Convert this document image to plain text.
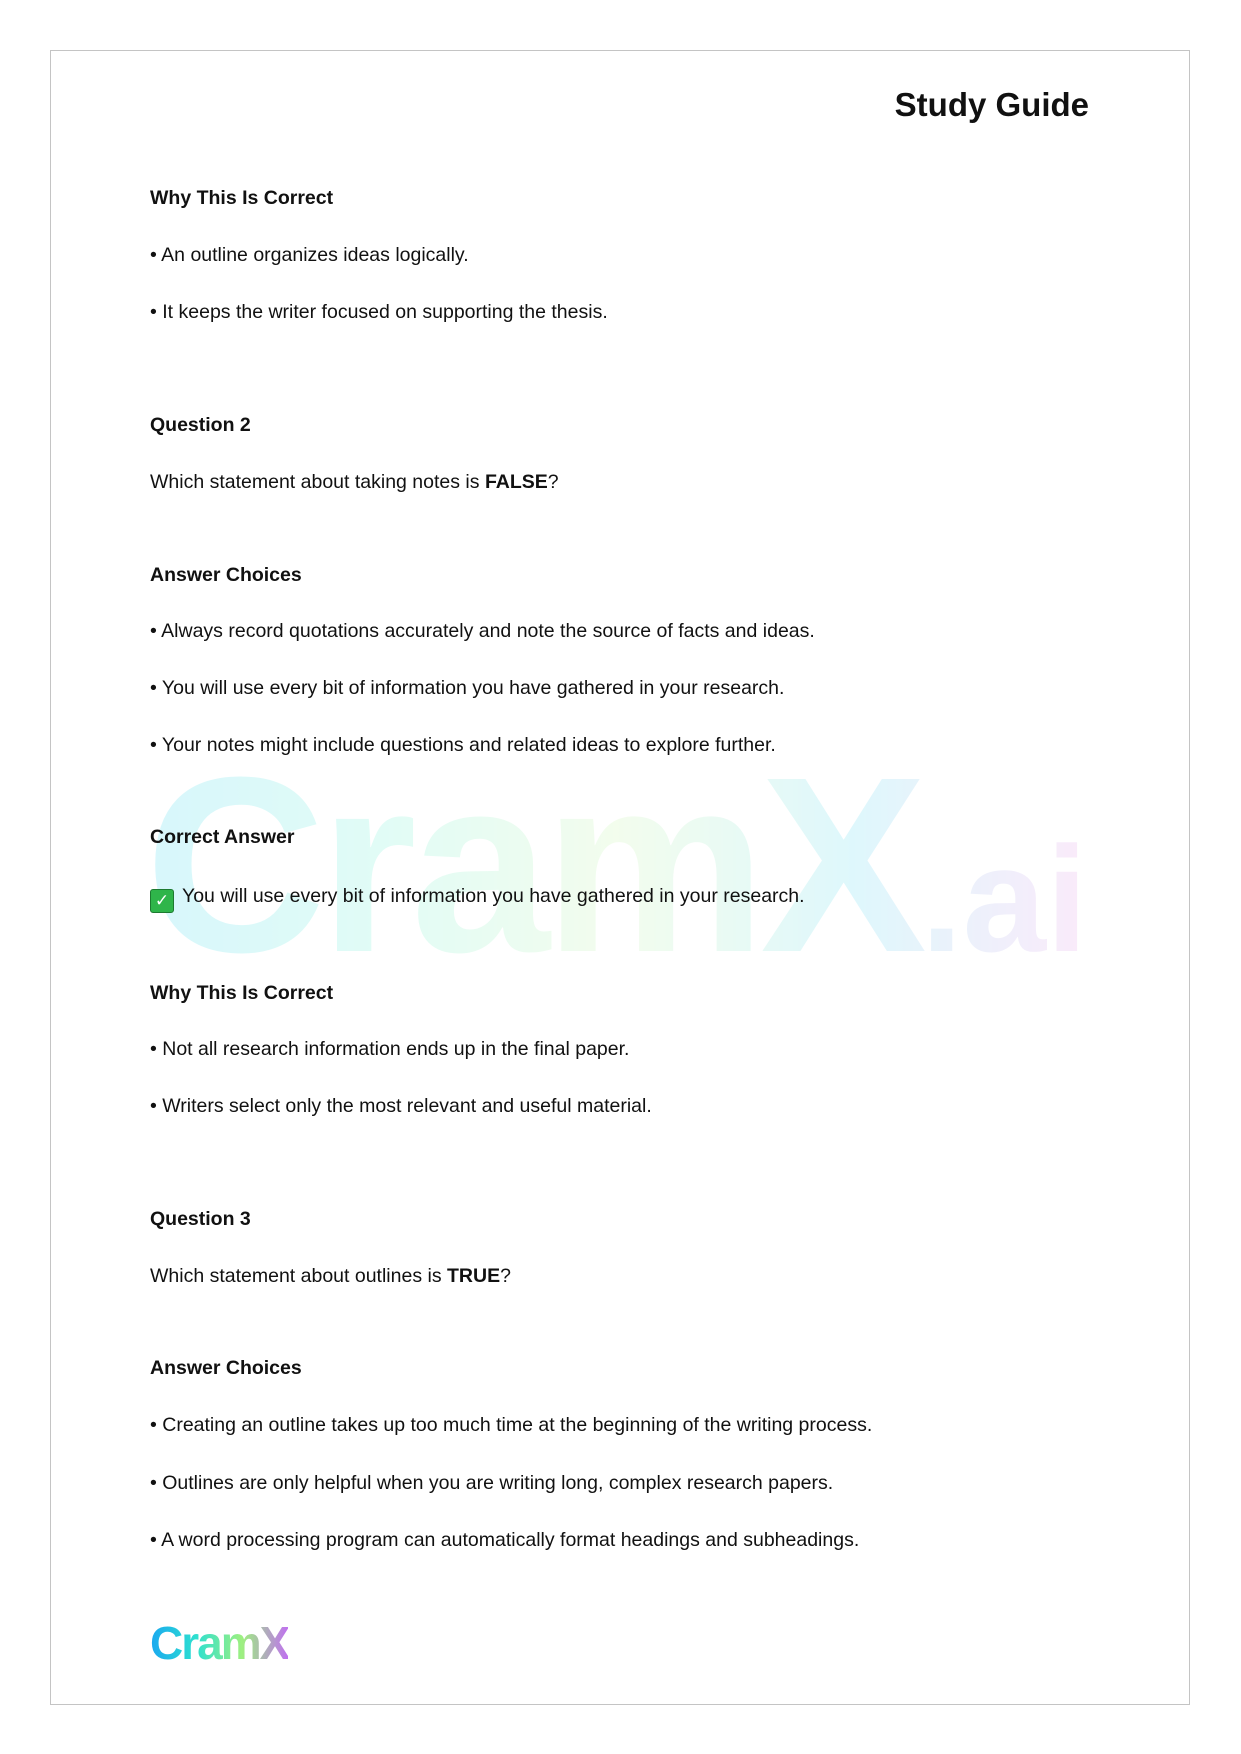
CramX.ai
Study Guide
Why This Is Correct
• An outline organizes ideas logically.
• It keeps the writer focused on supporting the thesis.
Question 2
Which statement about taking notes is FALSE?
Answer Choices
• Always record quotations accurately and note the source of facts and ideas.
• You will use every bit of information you have gathered in your research.
• Your notes might include questions and related ideas to explore further.
Correct Answer
✓ You will use every bit of information you have gathered in your research.
Why This Is Correct
• Not all research information ends up in the final paper.
• Writers select only the most relevant and useful material.
Question 3
Which statement about outlines is TRUE?
Answer Choices
• Creating an outline takes up too much time at the beginning of the writing process.
• Outlines are only helpful when you are writing long, complex research papers.
• A word processing program can automatically format headings and subheadings.
CramX
